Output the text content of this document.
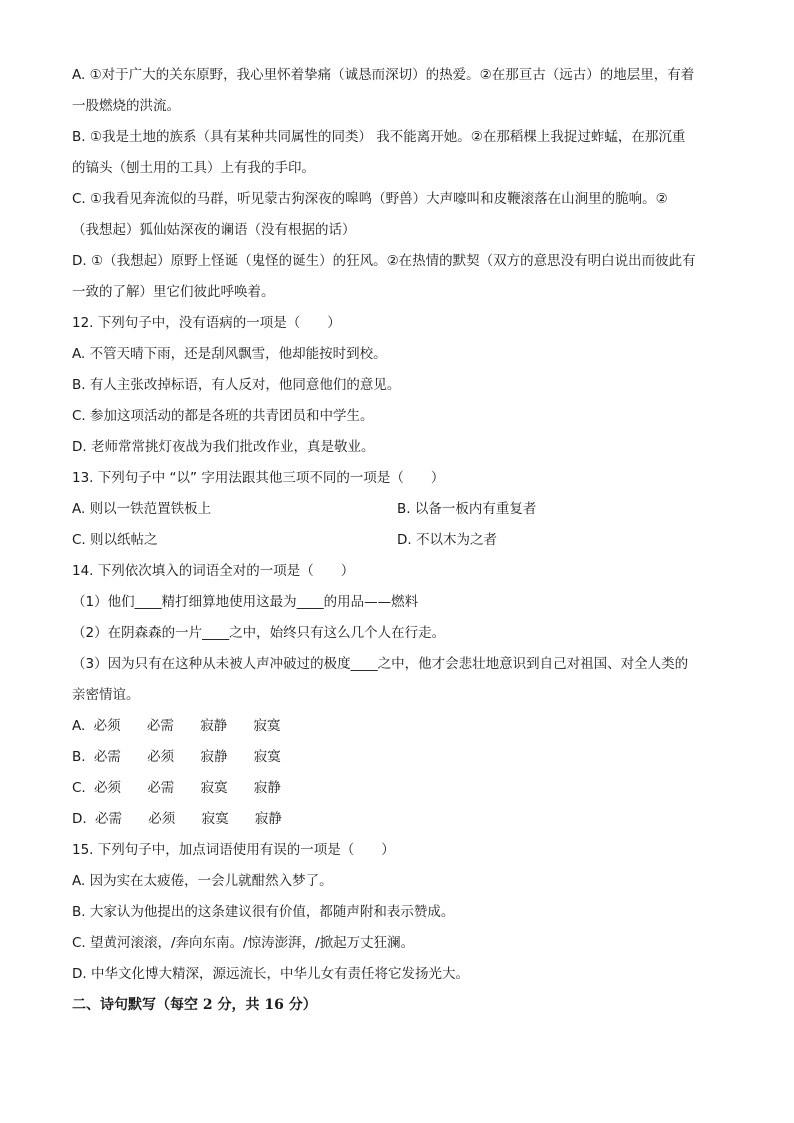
A. ①对于广大的关东原野，我心里怀着挚痛（诚恳而深切）的热爱。②在那亘古（远古）的地层里，有着
一股燃烧的洪流。
B. ①我是土地的族系（具有某种共同属性的同类） 我不能离开她。②在那稻棵上我捉过蚱蜢，在那沉重
的镐头（刨土用的工具）上有我的手印。
C. ①我看见奔流似的马群，听见蒙古狗深夜的嗥鸣（野兽）大声嚎叫和皮鞭滚落在山涧里的脆响。②
（我想起）狐仙姑深夜的谰语（没有根据的话）
D. ①（我想起）原野上怪诞（鬼怪的诞生）的狂风。②在热情的默契（双方的意思没有明白说出而彼此有
一致的了解）里它们彼此呼唤着。
12. 下列句子中，没有语病的一项是（　　）
A. 不管天晴下雨，还是刮风飘雪，他却能按时到校。
B. 有人主张改掉标语，有人反对，他同意他们的意见。
C. 参加这项活动的都是各班的共青团员和中学生。
D. 老师常常挑灯夜战为我们批改作业，真是敬业。
13. 下列句子中 “以” 字用法跟其他三项不同的一项是（　　）
A. 则以一铁范置铁板上	B. 以备一板内有重复者
C. 则以纸帖之	D. 不以木为之者
14. 下列依次填入的词语全对的一项是（　　）
（1）他们____精打细算地使用这最为____的用品——燃料
（2）在阴森森的一片____之中，始终只有这么几个人在行走。
（3）因为只有在这种从未被人声冲破过的极度____之中，他才会悲壮地意识到自己对祖国、对全人类的
亲密情谊。
A. 必须 必需 寂静 寂寞
B. 必需 必须 寂静 寂寞
C. 必须 必需 寂寞 寂静
D. 必需 必须 寂寞 寂静
15. 下列句子中，加点词语使用有误的一项是（　　）
A. 因为实在太疲倦，一会儿就酣然入梦了。
B. 大家认为他提出的这条建议很有价值，都随声附和表示赞成。
C. 望黄河滚滚，/奔向东南。/惊涛澎湃，/掀起万丈狂澜。
D. 中华文化博大精深，源远流长，中华儿女有责任将它发扬光大。
二、诗句默写（每空 2 分，共 16 分）
